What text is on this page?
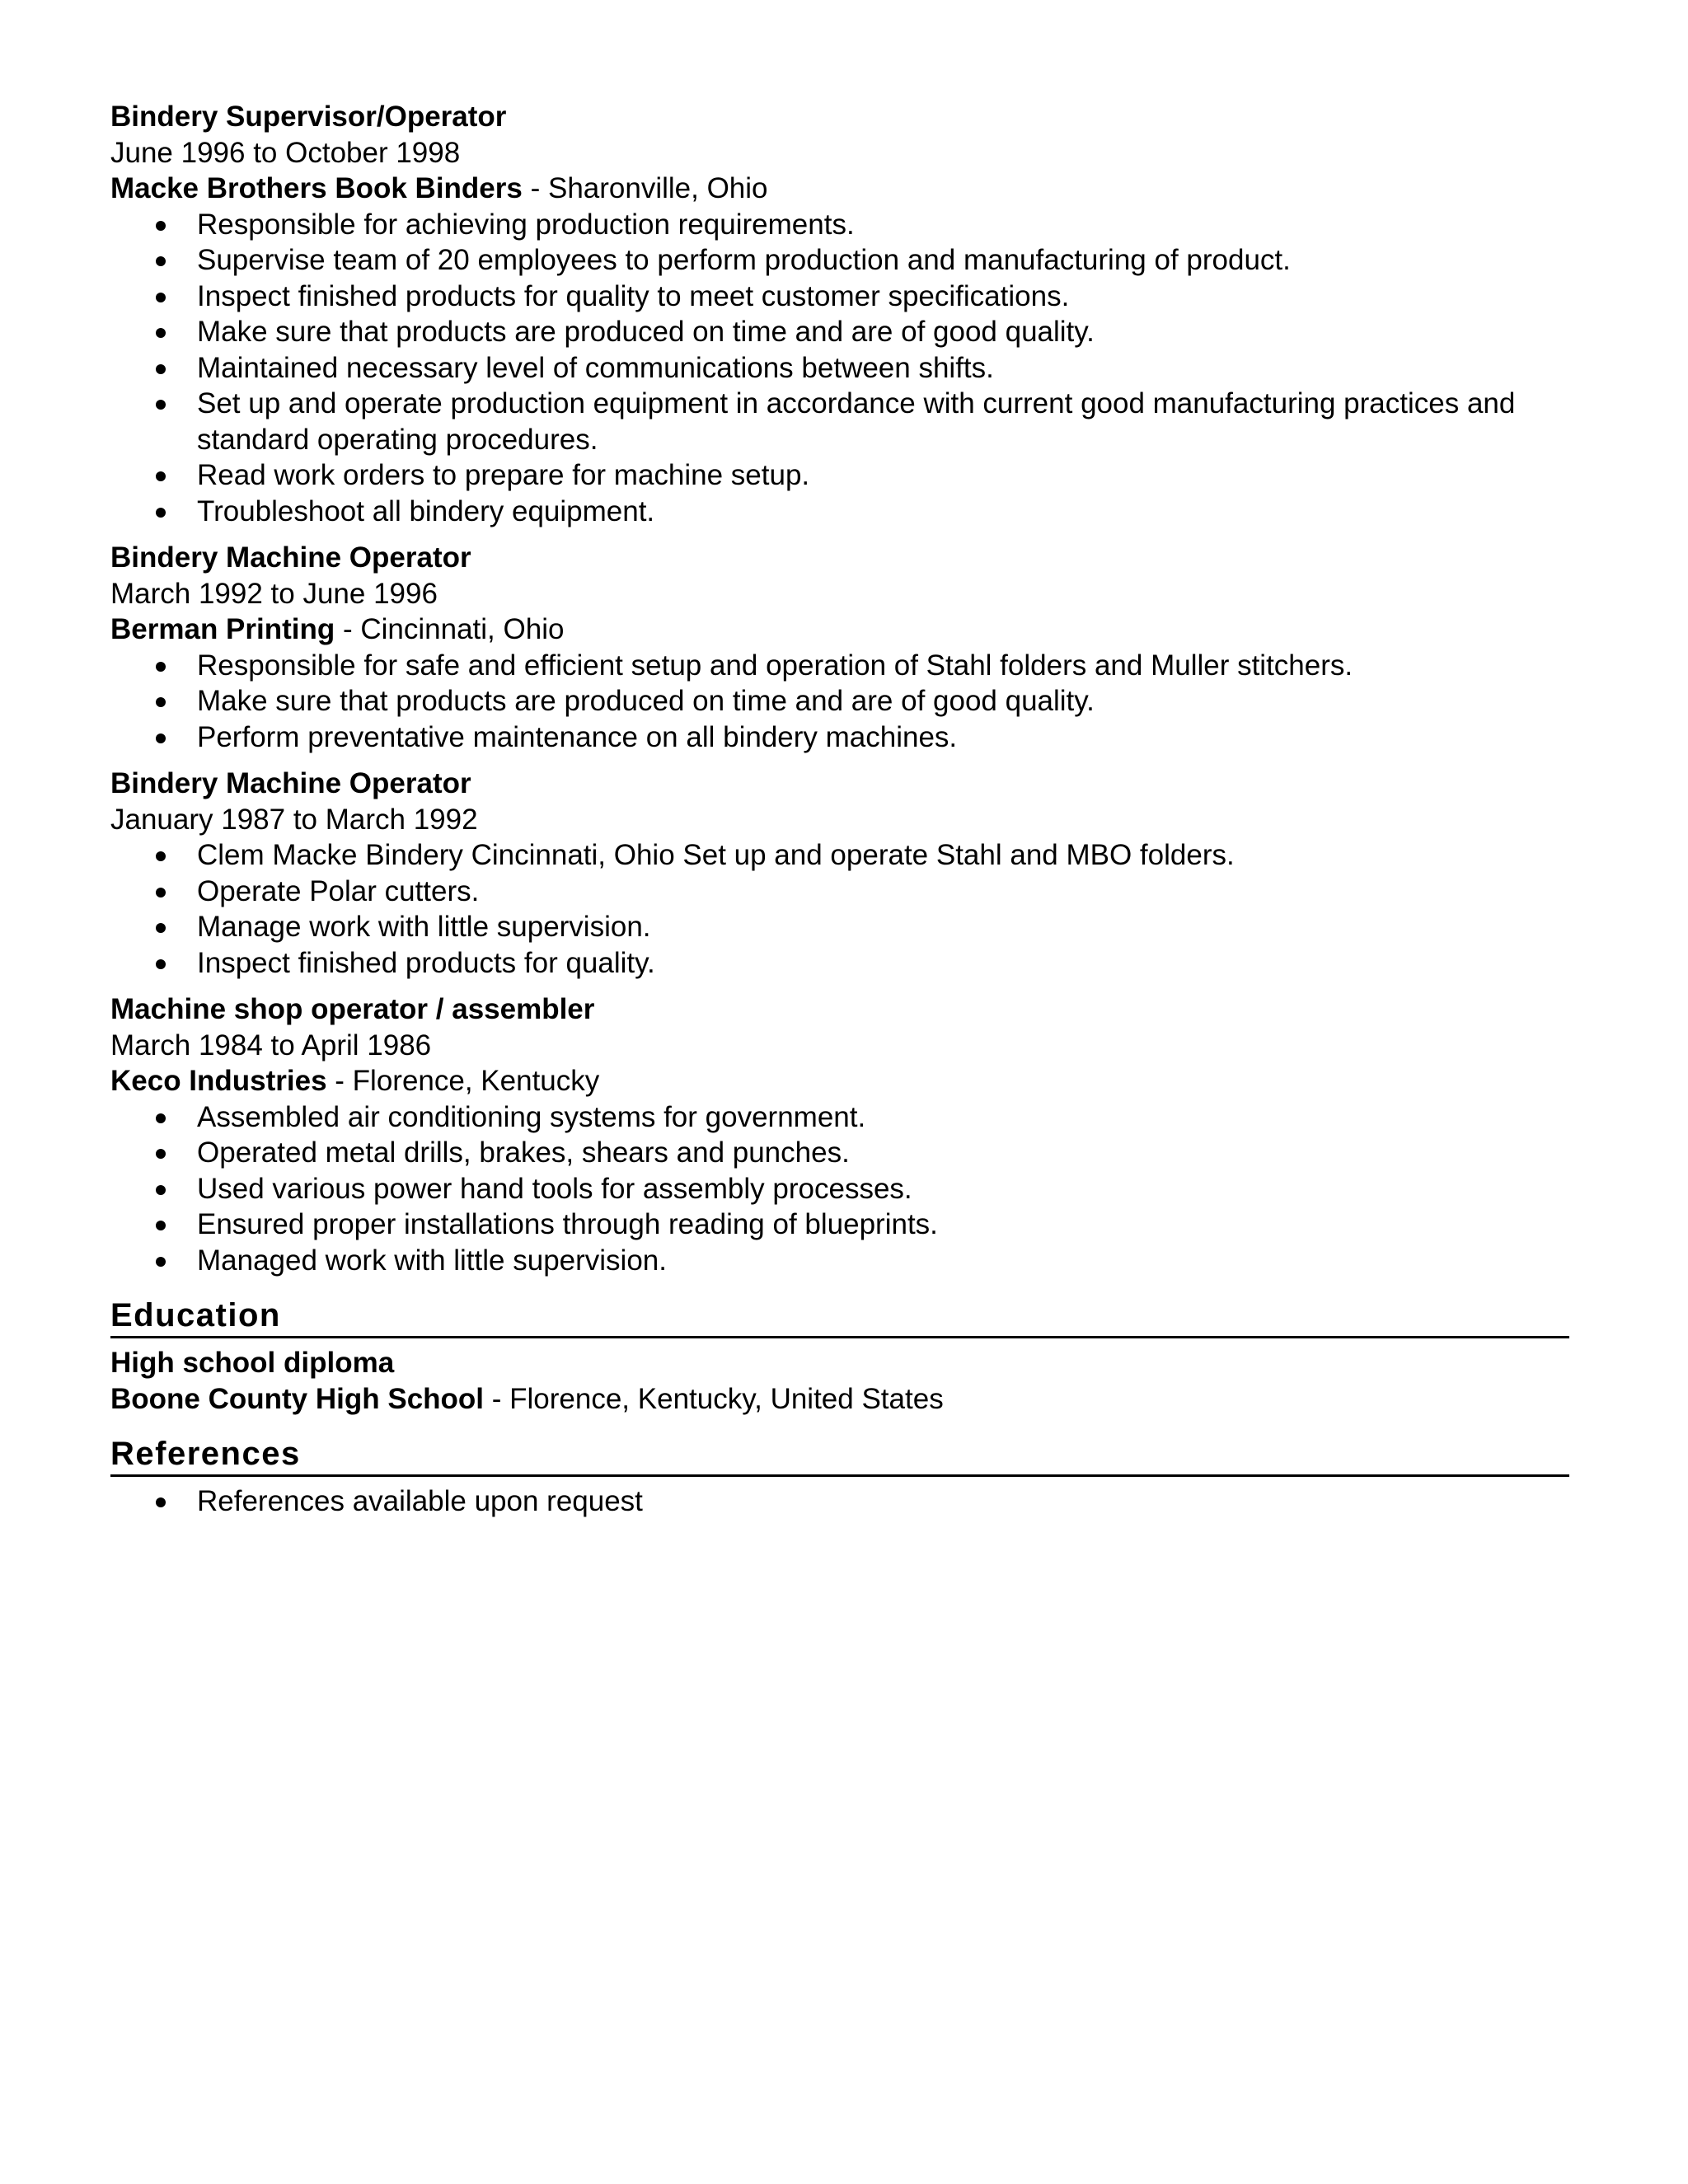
Bindery Supervisor/Operator
June 1996 to October 1998
Macke Brothers Book Binders - Sharonville, Ohio
Responsible for achieving production requirements.
Supervise team of 20 employees to perform production and manufacturing of product.
Inspect finished products for quality to meet customer specifications.
Make sure that products are produced on time and are of good quality.
Maintained necessary level of communications between shifts.
Set up and operate production equipment in accordance with current good manufacturing practices and standard operating procedures.
Read work orders to prepare for machine setup.
Troubleshoot all bindery equipment.
Bindery Machine Operator
March 1992 to June 1996
Berman Printing - Cincinnati, Ohio
Responsible for safe and efficient setup and operation of Stahl folders and Muller stitchers.
Make sure that products are produced on time and are of good quality.
Perform preventative maintenance on all bindery machines.
Bindery Machine Operator
January 1987 to March 1992
Clem Macke Bindery Cincinnati, Ohio Set up and operate Stahl and MBO folders.
Operate Polar cutters.
Manage work with little supervision.
Inspect finished products for quality.
Machine shop operator / assembler
March 1984 to April 1986
Keco Industries - Florence, Kentucky
Assembled air conditioning systems for government.
Operated metal drills, brakes, shears and punches.
Used various power hand tools for assembly processes.
Ensured proper installations through reading of blueprints.
Managed work with little supervision.
Education
High school diploma
Boone County High School - Florence, Kentucky, United States
References
References available upon request
